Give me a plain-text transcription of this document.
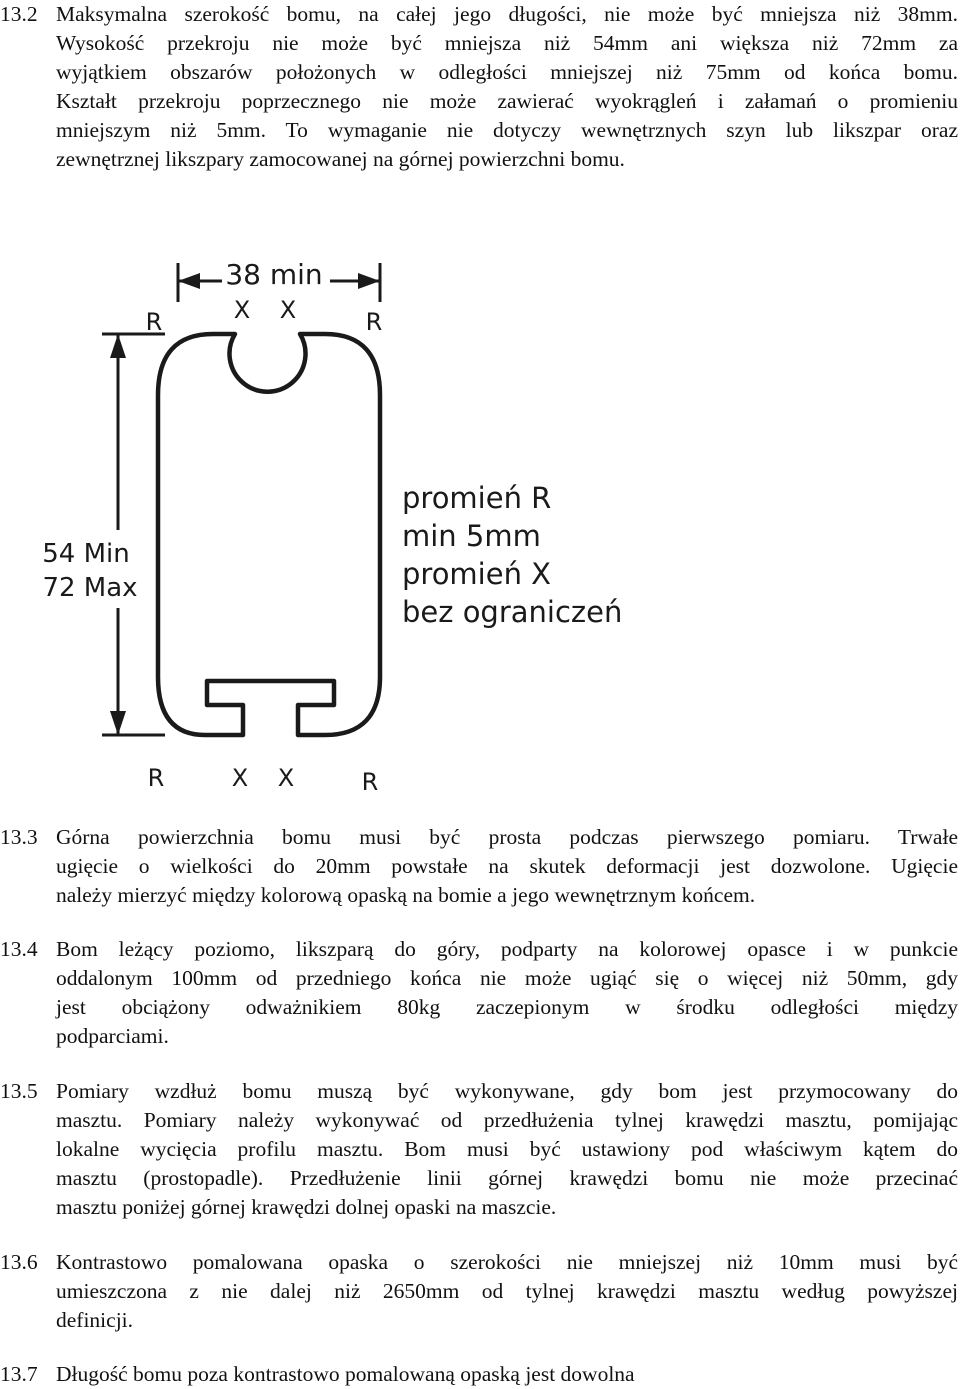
13.2 Maksymalna szerokość bomu, na całej jego długości, nie może być mniejsza niż 38mm.
Wysokość przekroju nie może być mniejsza niż 54mm ani większa niż 72mm za
wyjątkiem obszarów położonych w odległości mniejszej niż 75mm od końca bomu.
Kształt przekroju poprzecznego nie może zawierać wyokrągleń i załamań o promieniu
mniejszym niż 5mm. To wymaganie nie dotyczy wewnętrznych szyn lub likszpar oraz
zewnętrznej likszpary zamocowanej na górnej powierzchni bomu.
38 min
R	X X	R
54 Min
72 Max
R	X X	R
promień R
min 5mm
promień X
bez ograniczeń
13.3 Górna powierzchnia bomu musi być prosta podczas pierwszego pomiaru. Trwałe
ugięcie o wielkości do 20mm powstałe na skutek deformacji jest dozwolone. Ugięcie
należy mierzyć między kolorową opaską na bomie a jego wewnętrznym końcem.
13.4 Bom leżący poziomo, likszparą do góry, podparty na kolorowej opasce i w punkcie
oddalonym 100mm od przedniego końca nie może ugiąć się o więcej niż 50mm, gdy
jest obciążony odważnikiem 80kg zaczepionym w środku odległości między
podparciami.
13.5 Pomiary wzdłuż bomu muszą być wykonywane, gdy bom jest przymocowany do
masztu. Pomiary należy wykonywać od przedłużenia tylnej krawędzi masztu, pomijając
lokalne wycięcia profilu masztu. Bom musi być ustawiony pod właściwym kątem do
masztu (prostopadle). Przedłużenie linii górnej krawędzi bomu nie może przecinać
masztu poniżej górnej krawędzi dolnej opaski na maszcie.
13.6 Kontrastowo pomalowana opaska o szerokości nie mniejszej niż 10mm musi być
umieszczona z nie dalej niż 2650mm od tylnej krawędzi masztu według powyższej
definicji.
13.7 Długość bomu poza kontrastowo pomalowaną opaską jest dowolna
